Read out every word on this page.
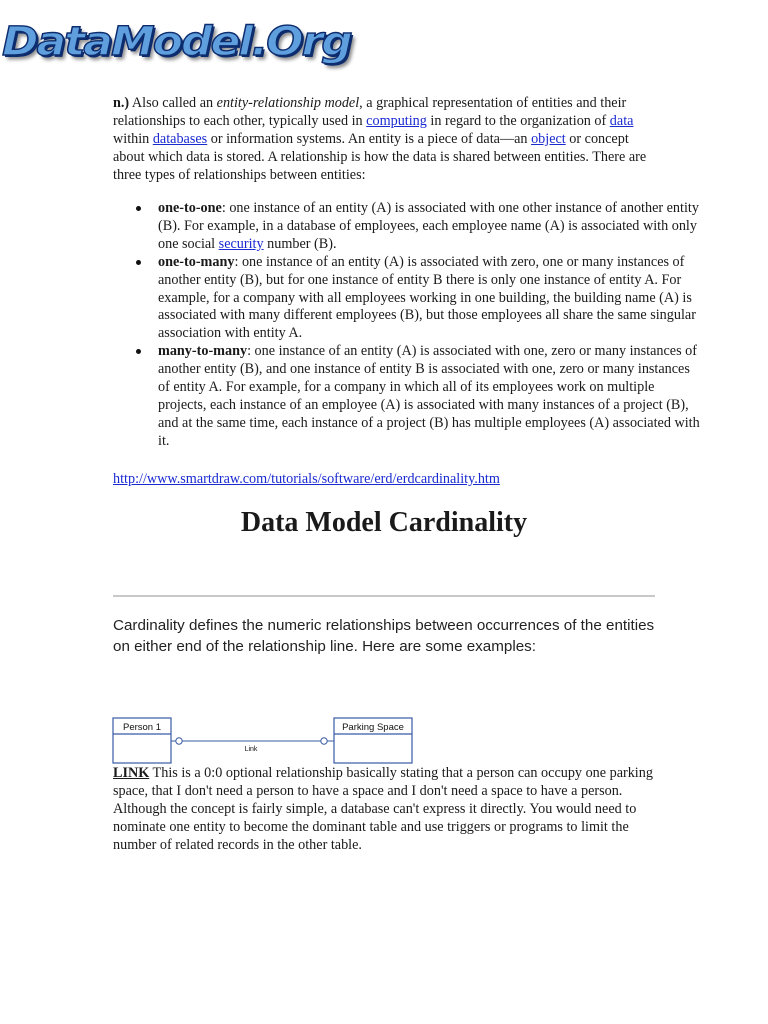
DataModel.Org

n.) Also called an entity-relationship model, a graphical representation of entities and their relationships to each other, typically used in computing in regard to the organization of data within databases or information systems. An entity is a piece of data—an object or concept about which data is stored. A relationship is how the data is shared between entities. There are three types of relationships between entities:

one-to-one: one instance of an entity (A) is associated with one other instance of another entity (B). For example, in a database of employees, each employee name (A) is associated with only one social security number (B).
one-to-many: one instance of an entity (A) is associated with zero, one or many instances of another entity (B), but for one instance of entity B there is only one instance of entity A. For example, for a company with all employees working in one building, the building name (A) is associated with many different employees (B), but those employees all share the same singular association with entity A.
many-to-many: one instance of an entity (A) is associated with one, zero or many instances of another entity (B), and one instance of entity B is associated with one, zero or many instances of entity A. For example, for a company in which all of its employees work on multiple projects, each instance of an employee (A) is associated with many instances of a project (B), and at the same time, each instance of a project (B) has multiple employees (A) associated with it.
http://www.smartdraw.com/tutorials/software/erd/erdcardinality.htm
Data Model Cardinality

Cardinality defines the numeric relationships between occurrences of the entities on either end of the relationship line. Here are some examples:

Person 1	Parking Space
Link

LINK This is a 0:0 optional relationship basically stating that a person can occupy one parking space, that I don't need a person to have a space and I don't need a space to have a person. Although the concept is fairly simple, a database can't express it directly. You would need to nominate one entity to become the dominant table and use triggers or programs to limit the number of related records in the other table.
